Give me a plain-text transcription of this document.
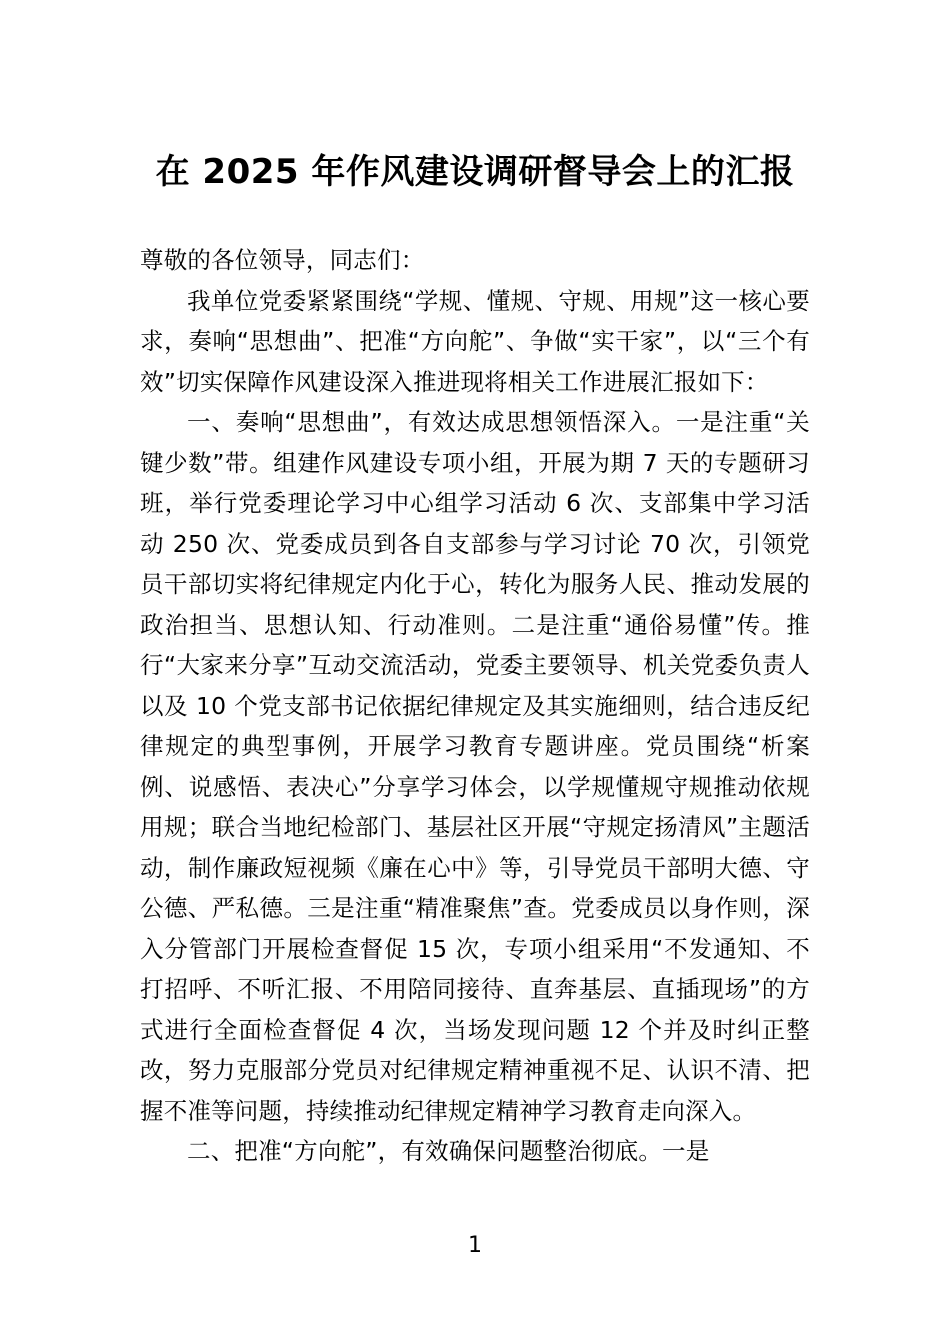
在 2025 年作风建设调研督导会上的汇报

尊敬的各位领导，同志们：

我单位党委紧紧围绕“学规、懂规、守规、用规”这一核心要求，奏响“思想曲”、把准“方向舵”、争做“实干家”，以“三个有效”切实保障作风建设深入推进现将相关工作进展汇报如下：

一、奏响“思想曲”，有效达成思想领悟深入。一是注重“关键少数”带。组建作风建设专项小组，开展为期 7 天的专题研习班，举行党委理论学习中心组学习活动 6 次、支部集中学习活动 250 次、党委成员到各自支部参与学习讨论 70 次，引领党员干部切实将纪律规定内化于心，转化为服务人民、推动发展的政治担当、思想认知、行动准则。二是注重“通俗易懂”传。推行“大家来分享”互动交流活动，党委主要领导、机关党委负责人以及 10 个党支部书记依据纪律规定及其实施细则，结合违反纪律规定的典型事例，开展学习教育专题讲座。党员围绕“析案例、说感悟、表决心”分享学习体会，以学规懂规守规推动依规用规；联合当地纪检部门、基层社区开展“守规定扬清风”主题活动，制作廉政短视频《廉在心中》等，引导党员干部明大德、守公德、严私德。三是注重“精准聚焦”查。党委成员以身作则，深入分管部门开展检查督促 15 次，专项小组采用“不发通知、不打招呼、不听汇报、不用陪同接待、直奔基层、直插现场”的方式进行全面检查督促 4 次，当场发现问题 12 个并及时纠正整改，努力克服部分党员对纪律规定精神重视不足、认识不清、把握不准等问题，持续推动纪律规定精神学习教育走向深入。

二、把准“方向舵”，有效确保问题整治彻底。一是

1
